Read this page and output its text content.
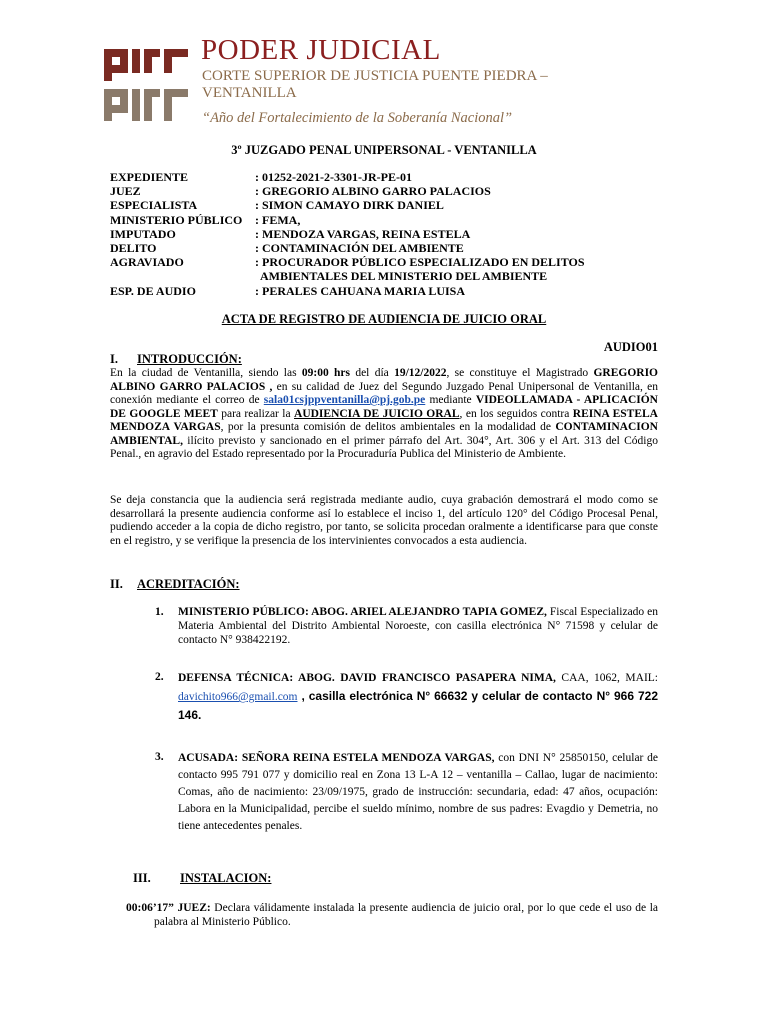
PODER JUDICIAL
CORTE SUPERIOR DE JUSTICIA PUENTE PIEDRA – VENTANILLA
“Año del Fortalecimiento de la Soberanía Nacional”
3º JUZGADO PENAL UNIPERSONAL - VENTANILLA
EXPEDIENTE	: 01252-2021-2-3301-JR-PE-01
JUEZ	: GREGORIO ALBINO GARRO PALACIOS
ESPECIALISTA	: SIMON CAMAYO DIRK DANIEL
MINISTERIO PÚBLICO : FEMA,
IMPUTADO	: MENDOZA VARGAS, REINA ESTELA
DELITO	: CONTAMINACIÓN DEL AMBIENTE
AGRAVIADO	: PROCURADOR PÚBLICO ESPECIALIZADO EN DELITOS
AMBIENTALES DEL MINISTERIO DEL AMBIENTE
ESP. DE AUDIO	: PERALES CAHUANA MARIA LUISA
ACTA DE REGISTRO DE AUDIENCIA DE JUICIO ORAL
AUDIO01
I. INTRODUCCIÓN:
En la ciudad de Ventanilla, siendo las 09:00 hrs del día 19/12/2022, se constituye el Magistrado GREGORIO ALBINO GARRO PALACIOS , en su calidad de Juez del Segundo Juzgado Penal Unipersonal de Ventanilla, en conexión mediante el correo de sala01csjppventanilla@pj.gob.pe mediante VIDEOLLAMADA - APLICACIÓN DE GOOGLE MEET para realizar la AUDIENCIA DE JUICIO ORAL, en los seguidos contra REINA ESTELA MENDOZA VARGAS, por la presunta comisión de delitos ambientales en la modalidad de CONTAMINACION AMBIENTAL, ilícito previsto y sancionado en el primer párrafo del Art. 304°, Art. 306 y el Art. 313 del Código Penal., en agravio del Estado representado por la Procuraduría Publica del Ministerio de Ambiente.
Se deja constancia que la audiencia será registrada mediante audio, cuya grabación demostrará el modo como se desarrollará la presente audiencia conforme así lo establece el inciso 1, del artículo 120° del Código Procesal Penal, pudiendo acceder a la copia de dicho registro, por tanto, se solicita procedan oralmente a identificarse para que conste en el registro, y se verifique la presencia de los intervinientes convocados a esta audiencia.
II. ACREDITACIÓN:
1. MINISTERIO PÚBLICO: ABOG. ARIEL ALEJANDRO TAPIA GOMEZ, Fiscal Especializado en Materia Ambiental del Distrito Ambiental Noroeste, con casilla electrónica N° 71598 y celular de contacto N° 938422192.
2. DEFENSA TÉCNICA: ABOG. DAVID FRANCISCO PASAPERA NIMA, CAA, 1062, MAIL: davichito966@gmail.com , casilla electrónica N° 66632 y celular de contacto N° 966 722 146.
3. ACUSADA: SEÑORA REINA ESTELA MENDOZA VARGAS, con DNI N° 25850150, celular de contacto 995 791 077 y domicilio real en Zona 13 L-A 12 – ventanilla – Callao, lugar de nacimiento: Comas, año de nacimiento: 23/09/1975, grado de instrucción: secundaria, edad: 47 años, ocupación: Labora en la Municipalidad, percibe el sueldo mínimo, nombre de sus padres: Evagdio y Demetria, no tiene antecedentes penales.
III. INSTALACION:
00:06’17” JUEZ: Declara válidamente instalada la presente audiencia de juicio oral, por lo que cede el uso de la palabra al Ministerio Público.
